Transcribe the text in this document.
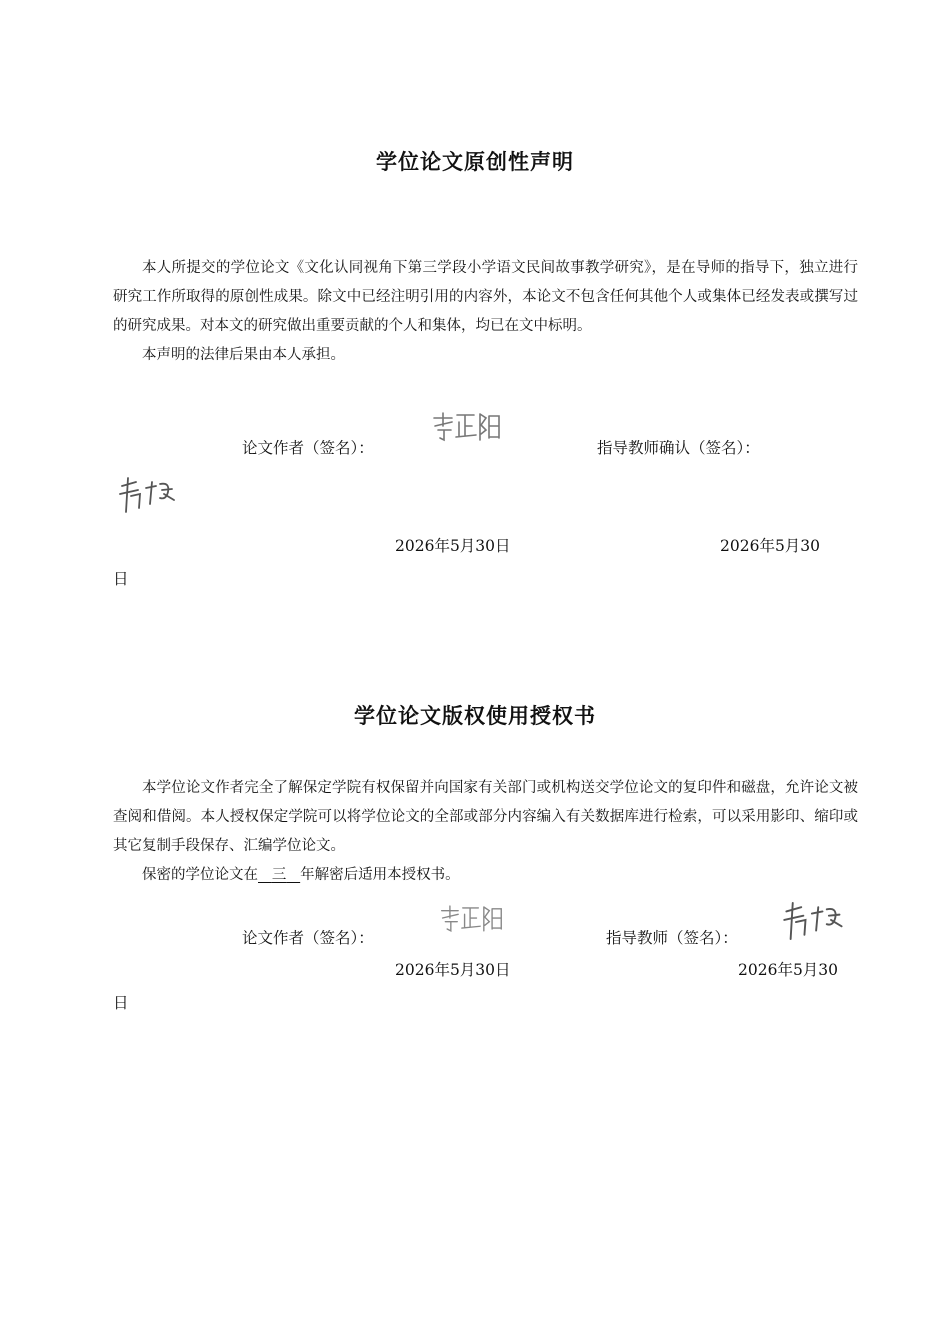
学位论文原创性声明

本人所提交的学位论文《文化认同视角下第三学段小学语文民间故事教学研究》，是在导师的指导下，独立进行研究工作所取得的原创性成果。除文中已经注明引用的内容外，本论文不包含任何其他个人或集体已经发表或撰写过的研究成果。对本文的研究做出重要贡献的个人和集体，均已在文中标明。

本声明的法律后果由本人承担。

论文作者（签名）：	指导教师确认（签名）：
2026年5月30日	2026年5月30
日
学位论文版权使用授权书

本学位论文作者完全了解保定学院有权保留并向国家有关部门或机构送交学位论文的复印件和磁盘，允许论文被查阅和借阅。本人授权保定学院可以将学位论文的全部或部分内容编入有关数据库进行检索，可以采用影印、缩印或其它复制手段保存、汇编学位论文。

保密的学位论文在 三 年解密后适用本授权书。

论文作者（签名）：	指导教师（签名）：
2026年5月30日	2026年5月30
日
